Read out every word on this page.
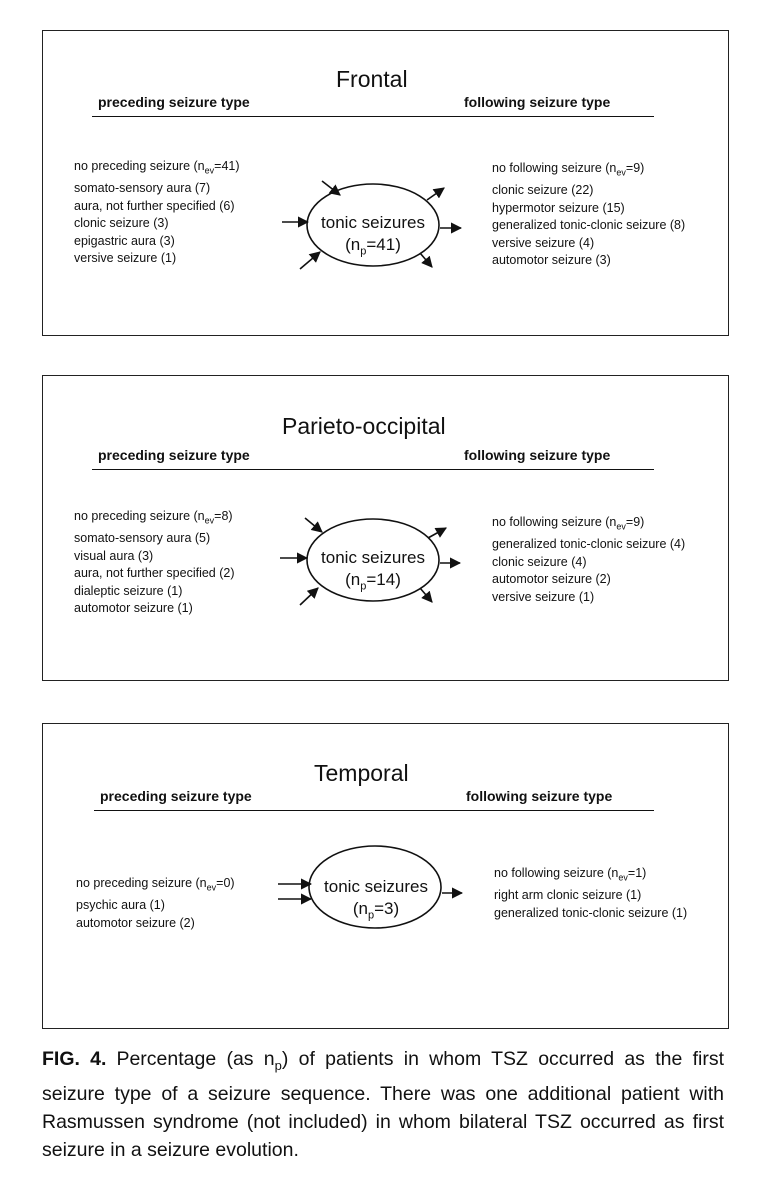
Frontal
preceding seizure type	following seizure type
no preceding seizure $(n_{ev}=41)$
somato-sensory aura (7)
aura, not further specified (6)
clonic seizure (3)
epigastric aura (3)
versive seizure (1)
no following seizure $(n_{ev}=9)$
clonic seizure (22)
hypermotor seizure (15)
generalized tonic-clonic seizure (8)
versive seizure (4)
automotor seizure (3)
tonic seizures
$(n_p=41)$
Parieto-occipital
preceding seizure type	following seizure type
no preceding seizure $(n_{ev}=8)$
somato-sensory aura (5)
visual aura (3)
aura, not further specified (2)
dialeptic seizure (1)
automotor seizure (1)
no following seizure $(n_{ev}=9)$
generalized tonic-clonic seizure (4)
clonic seizure (4)
automotor seizure (2)
versive seizure (1)
tonic seizures
$(n_p=14)$
Temporal
preceding seizure type	following seizure type
no preceding seizure $(n_{ev}=0)$
psychic aura (1)
automotor seizure (2)
no following seizure $(n_{ev}=1)$
right arm clonic seizure (1)
generalized tonic-clonic seizure (1)
tonic seizures
$(n_p=3)$
FIG. 4. Percentage (as $n_p$) of patients in whom TSZ occurred as the first seizure type of a seizure sequence. There was one additional patient with Rasmussen syndrome (not included) in whom bilateral TSZ occurred as first seizure in a seizure evolution.
